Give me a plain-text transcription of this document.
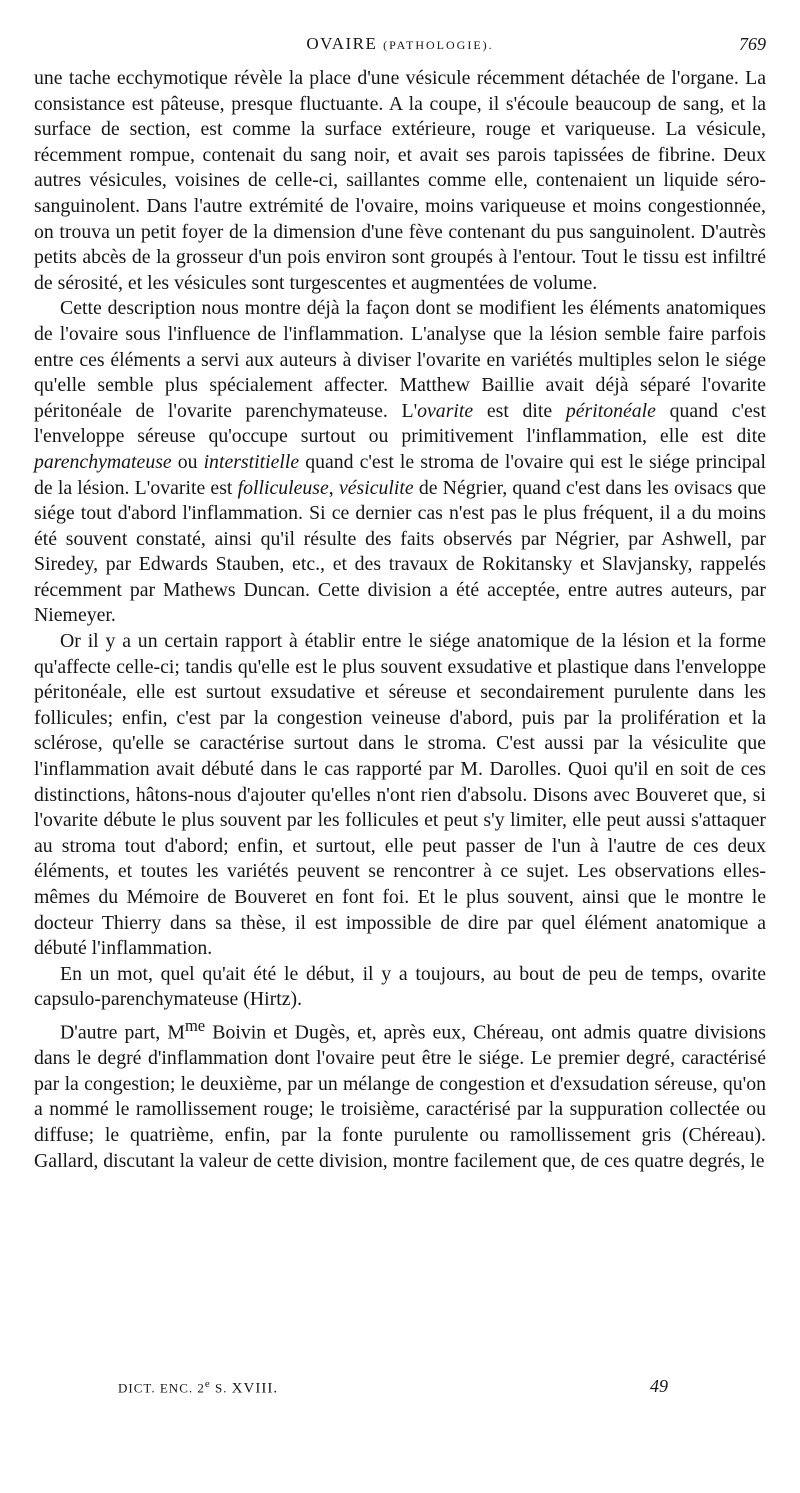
OVAIRE (PATHOLOGIE).	769

une tache ecchymotique révèle la place d'une vésicule récemment détachée de l'organe. La consistance est pâteuse, presque fluctuante. A la coupe, il s'écoule beaucoup de sang, et la surface de section, est comme la surface extérieure, rouge et variqueuse. La vésicule, récemment rompue, contenait du sang noir, et avait ses parois tapissées de fibrine. Deux autres vésicules, voisines de celle-ci, saillantes comme elle, contenaient un liquide séro-sanguinolent. Dans l'autre extrémité de l'ovaire, moins variqueuse et moins congestionnée, on trouva un petit foyer de la dimension d'une fève contenant du pus sanguinolent. D'autrès petits abcès de la grosseur d'un pois environ sont groupés à l'entour. Tout le tissu est infiltré de sérosité, et les vésicules sont turgescentes et augmentées de volume.

Cette description nous montre déjà la façon dont se modifient les éléments anatomiques de l'ovaire sous l'influence de l'inflammation. L'analyse que la lésion semble faire parfois entre ces éléments a servi aux auteurs à diviser l'ovarite en variétés multiples selon le siége qu'elle semble plus spécialement affecter. Matthew Baillie avait déjà séparé l'ovarite péritonéale de l'ovarite parenchymateuse. L'ovarite est dite péritonéale quand c'est l'enveloppe séreuse qu'occupe surtout ou primitivement l'inflammation, elle est dite parenchymateuse ou interstitielle quand c'est le stroma de l'ovaire qui est le siége principal de la lésion. L'ovarite est folliculeuse, vésiculite de Négrier, quand c'est dans les ovisacs que siége tout d'abord l'inflammation. Si ce dernier cas n'est pas le plus fréquent, il a du moins été souvent constaté, ainsi qu'il résulte des faits observés par Négrier, par Ashwell, par Siredey, par Edwards Stauben, etc., et des travaux de Rokitansky et Slavjansky, rappelés récemment par Mathews Duncan. Cette division a été acceptée, entre autres auteurs, par Niemeyer.

Or il y a un certain rapport à établir entre le siége anatomique de la lésion et la forme qu'affecte celle-ci; tandis qu'elle est le plus souvent exsudative et plastique dans l'enveloppe péritonéale, elle est surtout exsudative et séreuse et secondairement purulente dans les follicules; enfin, c'est par la congestion veineuse d'abord, puis par la prolifération et la sclérose, qu'elle se caractérise surtout dans le stroma. C'est aussi par la vésiculite que l'inflammation avait débuté dans le cas rapporté par M. Darolles. Quoi qu'il en soit de ces distinctions, hâtons-nous d'ajouter qu'elles n'ont rien d'absolu. Disons avec Bouveret que, si l'ovarite débute le plus souvent par les follicules et peut s'y limiter, elle peut aussi s'attaquer au stroma tout d'abord; enfin, et surtout, elle peut passer de l'un à l'autre de ces deux éléments, et toutes les variétés peuvent se rencontrer à ce sujet. Les observations elles-mêmes du Mémoire de Bouveret en font foi. Et le plus souvent, ainsi que le montre le docteur Thierry dans sa thèse, il est impossible de dire par quel élément anatomique a débuté l'inflammation.

En un mot, quel qu'ait été le début, il y a toujours, au bout de peu de temps, ovarite capsulo-parenchymateuse (Hirtz).

D'autre part, $M^{me}$ Boivin et Dugès, et, après eux, Chéreau, ont admis quatre divisions dans le degré d'inflammation dont l'ovaire peut être le siége. Le premier degré, caractérisé par la congestion; le deuxième, par un mélange de congestion et d'exsudation séreuse, qu'on a nommé le ramollissement rouge; le troisième, caractérisé par la suppuration collectée ou diffuse; le quatrième, enfin, par la fonte purulente ou ramollissement gris (Chéreau). Gallard, discutant la valeur de cette division, montre facilement que, de ces quatre degrés, le

DICT. ENC. 2e S. XVIII.	49
